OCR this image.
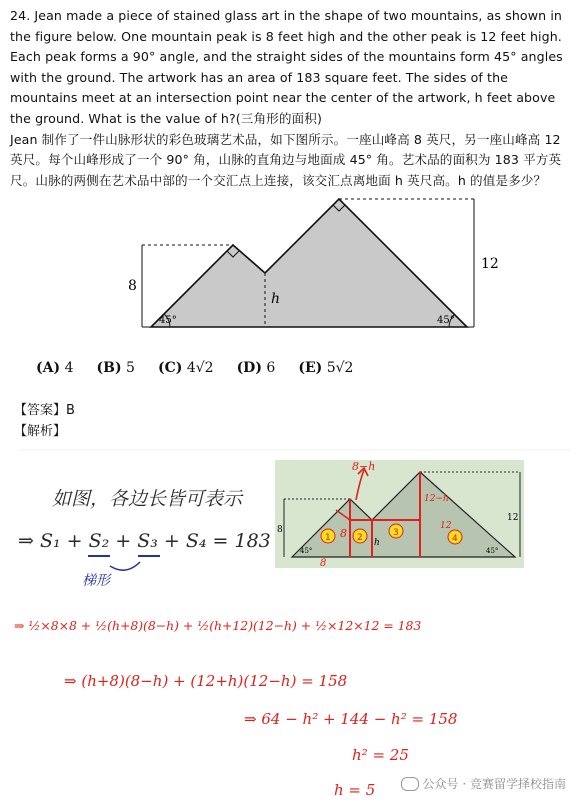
24. Jean made a piece of stained glass art in the shape of two mountains, as shown in the figure below. One mountain peak is 8 feet high and the other peak is 12 feet high. Each peak forms a 90° angle, and the straight sides of the mountains form 45° angles with the ground. The artwork has an area of 183 square feet. The sides of the mountains meet at an intersection point near the center of the artwork, h feet above the ground. What is the value of h?(三角形的面积)

Jean 制作了一件山脉形状的彩色玻璃艺术品，如下图所示。一座山峰高 8 英尺，另一座山峰高 12 英尺。每个山峰形成了一个 90° 角，山脉的直角边与地面成 45° 角。艺术品的面积为 183 平方英尺。山脉的两侧在艺术品中部的一个交汇点上连接，该交汇点离地面 h 英尺高。h 的值是多少？

8
12
h
45°	45°
(A) 4 (B) 5 (C) 4√2 (D) 6 (E) 5√2
【答案】B
【解析】
8−h
8	8
8
12
12−h
12
h
45°	45°
1	2	3
4
如图，各边长皆可表示
⇒ S₁ + S₂ + S₃ + S₄ = 183
梯形
⇒ ½×8×8 + ½(h+8)(8−h) + ½(h+12)(12−h) + ½×12×12 = 183
⇒ (h+8)(8−h) + (12+h)(12−h) = 158
⇒ 64 − h² + 144 − h² = 158
h² = 25
h = 5	公众号 · 竞赛留学择校指南
